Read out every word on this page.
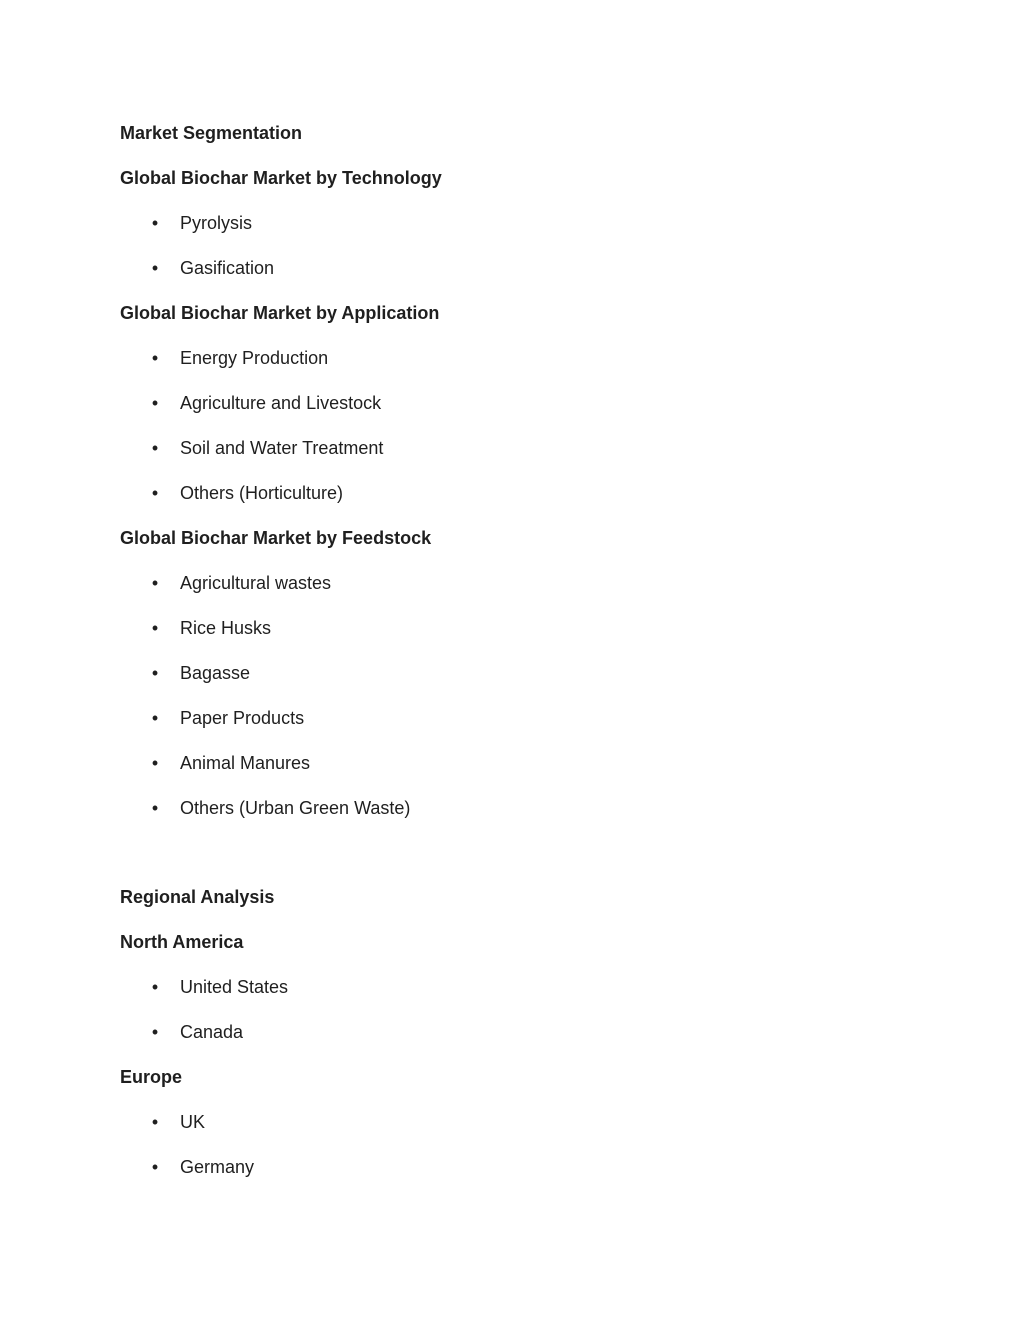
Market Segmentation
Global Biochar Market by Technology
• Pyrolysis
• Gasification
Global Biochar Market by Application
• Energy Production
• Agriculture and Livestock
• Soil and Water Treatment
• Others (Horticulture)
Global Biochar Market by Feedstock
• Agricultural wastes
• Rice Husks
• Bagasse
• Paper Products
• Animal Manures
• Others (Urban Green Waste)
Regional Analysis
North America
• United States
• Canada
Europe
• UK
• Germany
